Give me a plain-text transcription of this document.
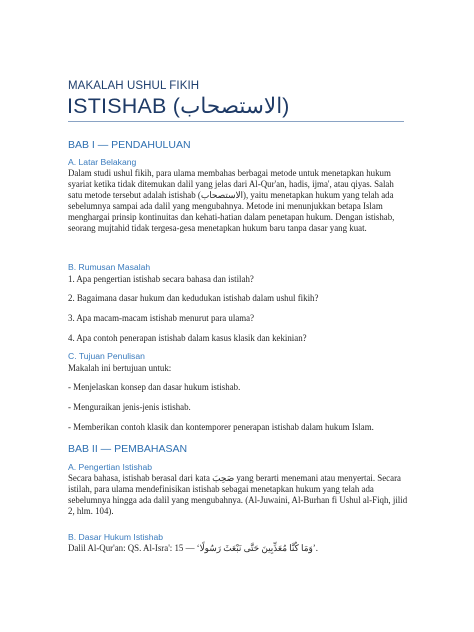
MAKALAH USHUL FIKIH
ISTISHAB (الاستصحاب)
BAB I — PENDAHULUAN
A. Latar Belakang
Dalam studi ushul fikih, para ulama membahas berbagai metode untuk menetapkan hukum syariat ketika tidak ditemukan dalil yang jelas dari Al-Qur'an, hadis, ijma', atau qiyas. Salah satu metode tersebut adalah istishab (الاستصحاب), yaitu menetapkan hukum yang telah ada sebelumnya sampai ada dalil yang mengubahnya. Metode ini menunjukkan betapa Islam menghargai prinsip kontinuitas dan kehati-hatian dalam penetapan hukum. Dengan istishab, seorang mujtahid tidak tergesa-gesa menetapkan hukum baru tanpa dasar yang kuat.
B. Rumusan Masalah
1. Apa pengertian istishab secara bahasa dan istilah?
2. Bagaimana dasar hukum dan kedudukan istishab dalam ushul fikih?
3. Apa macam-macam istishab menurut para ulama?
4. Apa contoh penerapan istishab dalam kasus klasik dan kekinian?
C. Tujuan Penulisan
Makalah ini bertujuan untuk:
- Menjelaskan konsep dan dasar hukum istishab.
- Menguraikan jenis-jenis istishab.
- Memberikan contoh klasik dan kontemporer penerapan istishab dalam hukum Islam.
BAB II — PEMBAHASAN
A. Pengertian Istishab
Secara bahasa, istishab berasal dari kata صَحِبَ yang berarti menemani atau menyertai. Secara istilah, para ulama mendefinisikan istishab sebagai menetapkan hukum yang telah ada sebelumnya hingga ada dalil yang mengubahnya. (Al-Juwaini, Al-Burhan fi Ushul al-Fiqh, jilid 2, hlm. 104).
B. Dasar Hukum Istishab
Dalil Al-Qur'an: QS. Al-Isra': 15 — ‘وَمَا كُنَّا مُعَذِّبِينَ حَتَّى نَبْعَثَ رَسُولًا’.
